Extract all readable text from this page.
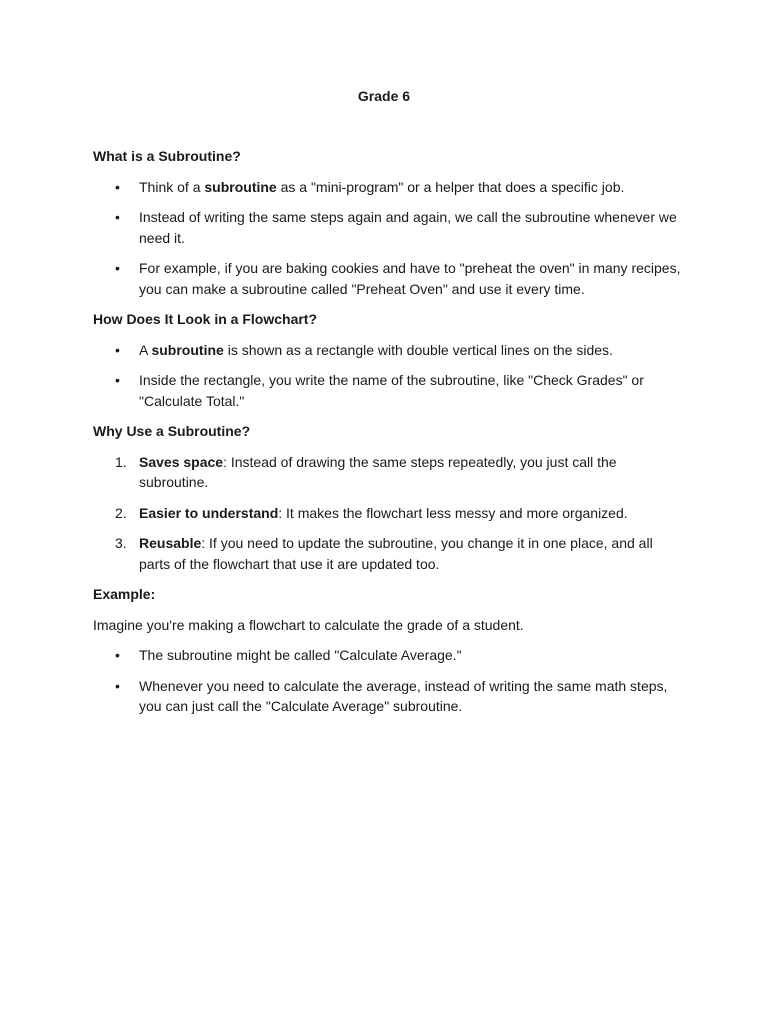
Grade 6
What is a Subroutine?
• Think of a subroutine as a "mini-program" or a helper that does a specific job.
• Instead of writing the same steps again and again, we call the subroutine whenever we need it.
• For example, if you are baking cookies and have to "preheat the oven" in many recipes, you can make a subroutine called "Preheat Oven" and use it every time.
How Does It Look in a Flowchart?
• A subroutine is shown as a rectangle with double vertical lines on the sides.
• Inside the rectangle, you write the name of the subroutine, like "Check Grades" or "Calculate Total."
Why Use a Subroutine?
1. Saves space: Instead of drawing the same steps repeatedly, you just call the subroutine.
2. Easier to understand: It makes the flowchart less messy and more organized.
3. Reusable: If you need to update the subroutine, you change it in one place, and all parts of the flowchart that use it are updated too.
Example:
Imagine you're making a flowchart to calculate the grade of a student.
• The subroutine might be called "Calculate Average."
• Whenever you need to calculate the average, instead of writing the same math steps, you can just call the "Calculate Average" subroutine.
